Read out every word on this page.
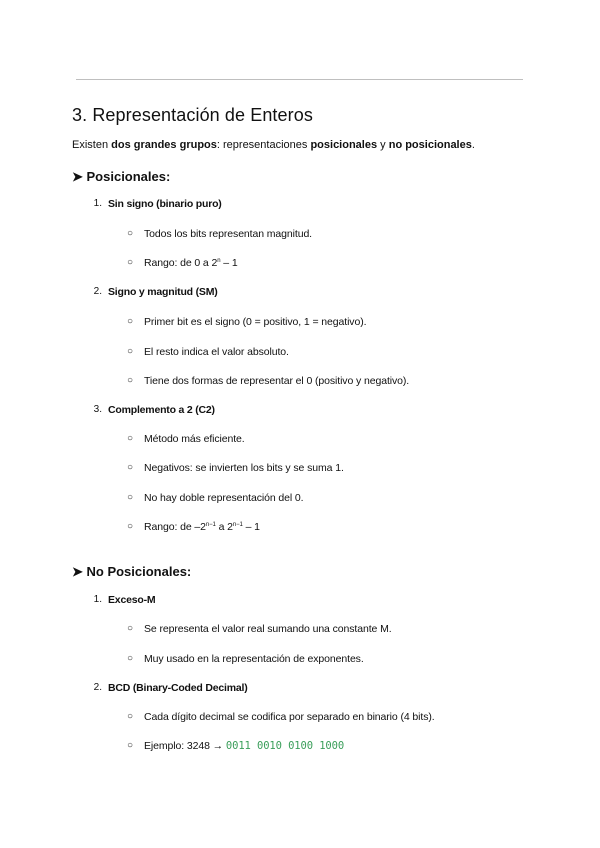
3. Representación de Enteros

Existen dos grandes grupos: representaciones posicionales y no posicionales.

➤ Posicionales:
1. Sin signo (binario puro)
○ Todos los bits representan magnitud.
○ Rango: de 0 a 2$^n$ – 1
2. Signo y magnitud (SM)
○ Primer bit es el signo (0 = positivo, 1 = negativo).
○ El resto indica el valor absoluto.
○ Tiene dos formas de representar el 0 (positivo y negativo).
3. Complemento a 2 (C2)
○ Método más eficiente.
○ Negativos: se invierten los bits y se suma 1.
○ No hay doble representación del 0.
○ Rango: de $-2^{n-1}$ a $2^{n-1} - 1$
➤ No Posicionales:
1. Exceso-M
○ Se representa el valor real sumando una constante M.
○ Muy usado en la representación de exponentes.
2. BCD (Binary-Coded Decimal)
○ Cada dígito decimal se codifica por separado en binario (4 bits).
○ Ejemplo: 3248 → 0011 0010 0100 1000
